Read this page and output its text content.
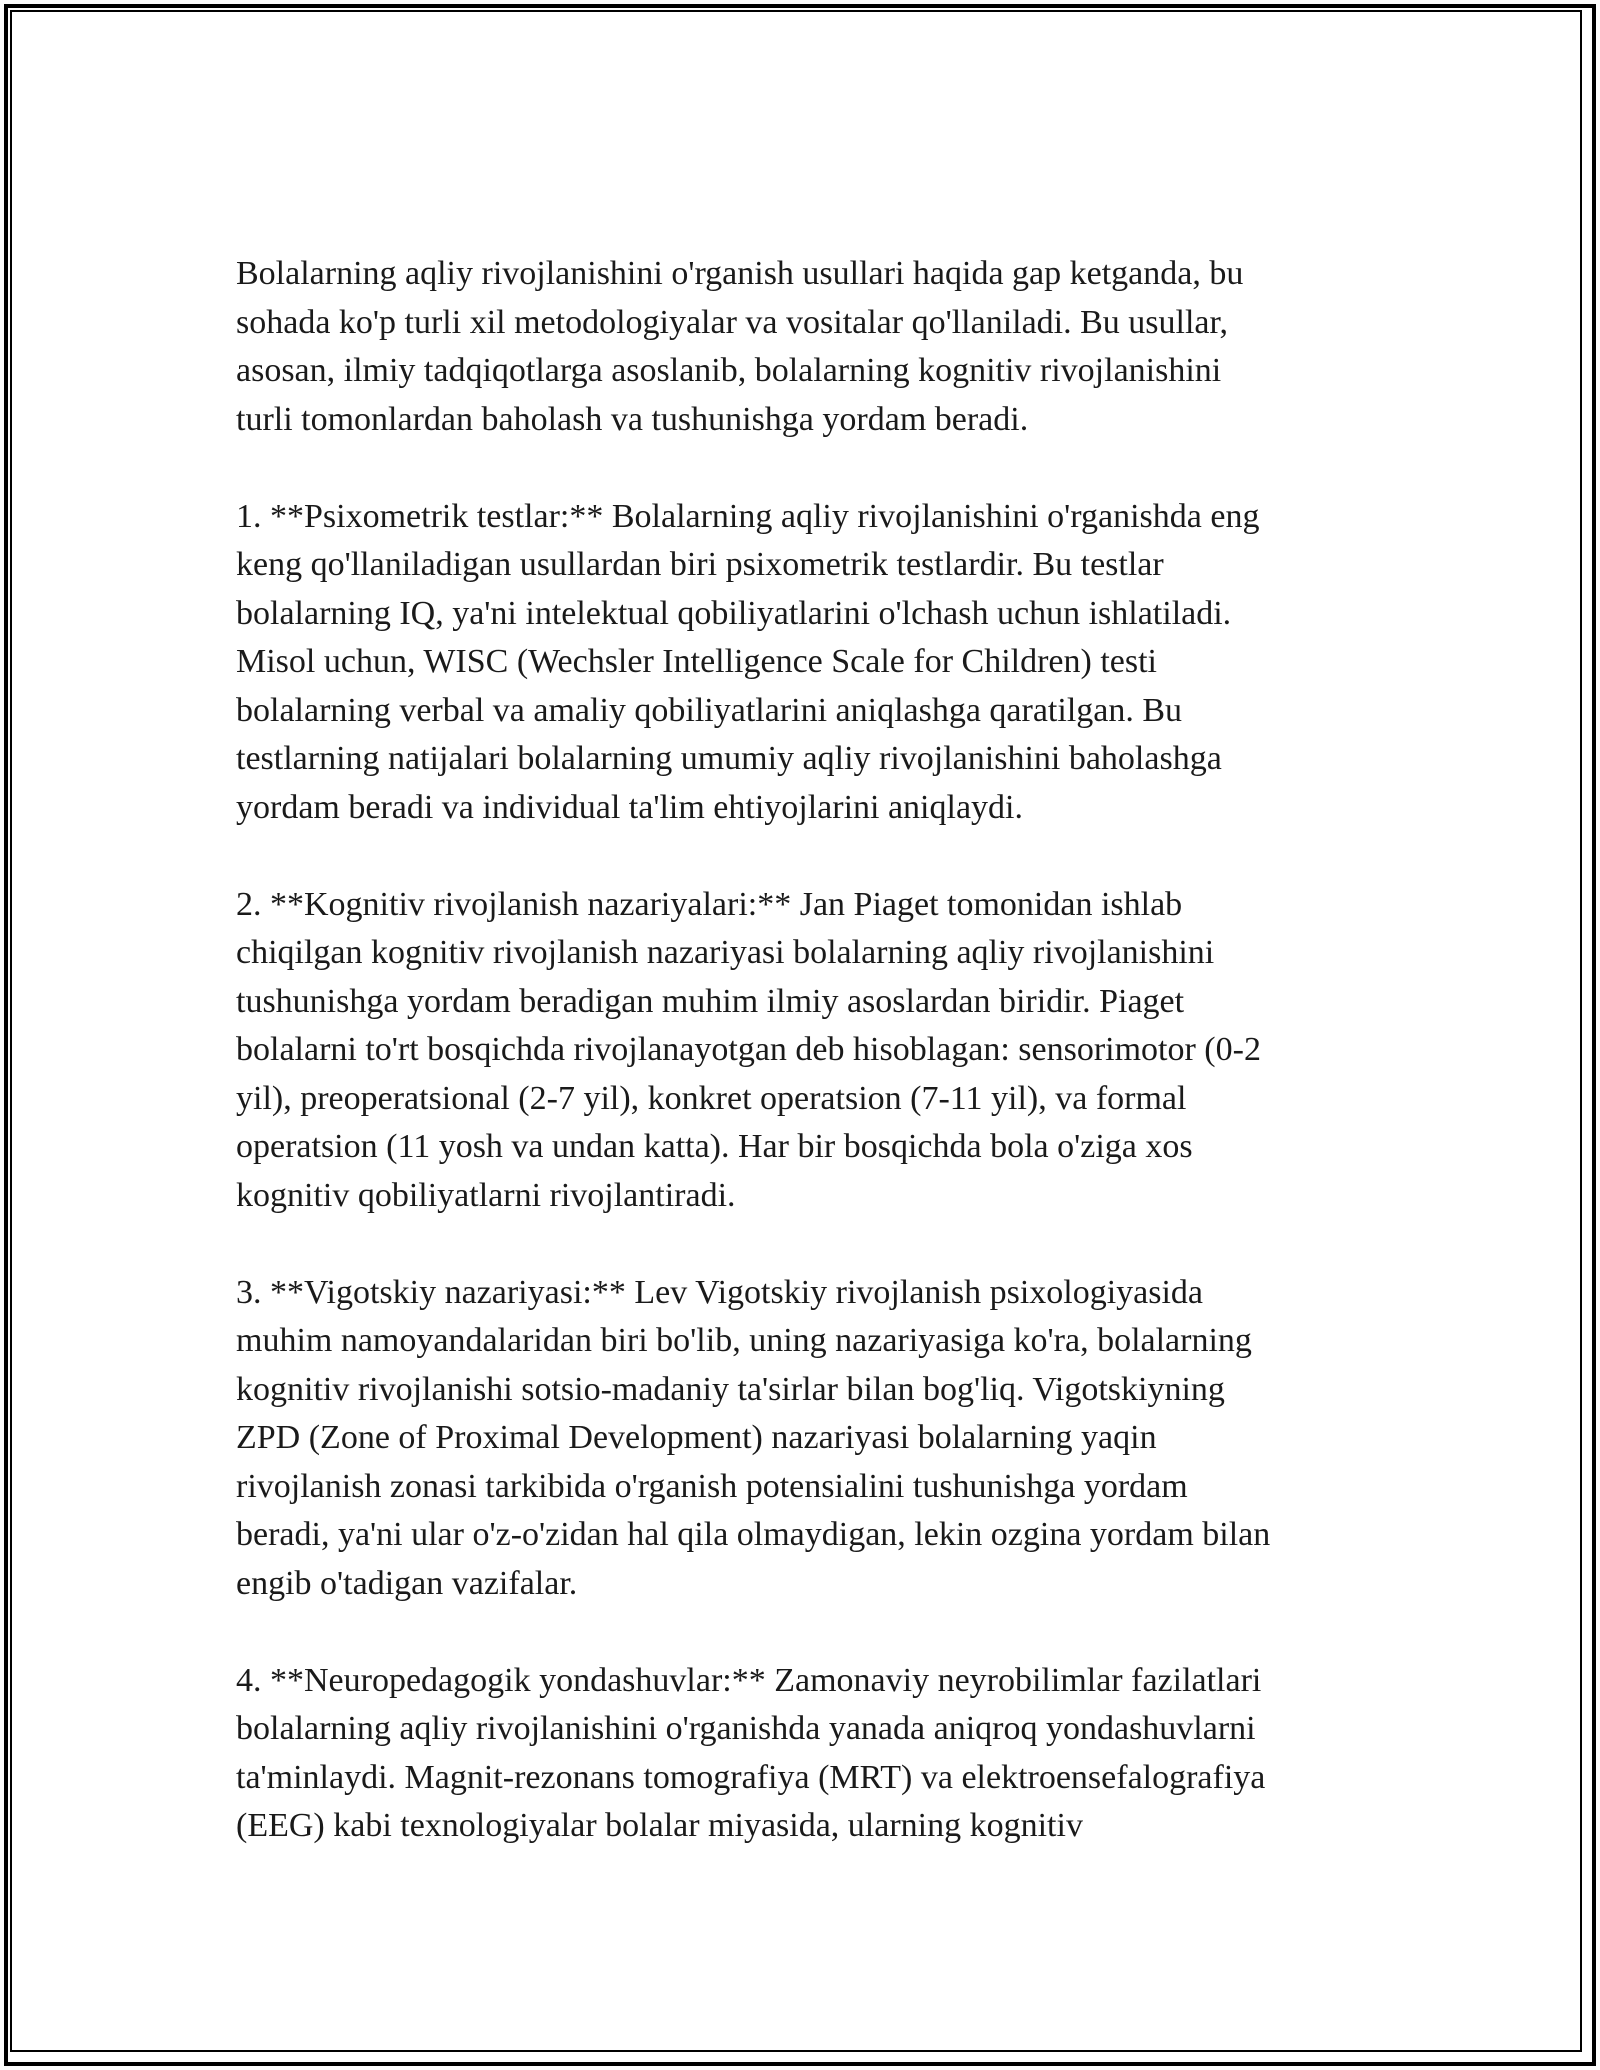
Bolalarning aqliy rivojlanishini o'rganish usullari haqida gap ketganda, bu
sohada ko'p turli xil metodologiyalar va vositalar qo'llaniladi. Bu usullar,
asosan, ilmiy tadqiqotlarga asoslanib, bolalarning kognitiv rivojlanishini
turli tomonlardan baholash va tushunishga yordam beradi.

1. **Psixometrik testlar:** Bolalarning aqliy rivojlanishini o'rganishda eng
keng qo'llaniladigan usullardan biri psixometrik testlardir. Bu testlar
bolalarning IQ, ya'ni intelektual qobiliyatlarini o'lchash uchun ishlatiladi.
Misol uchun, WISC (Wechsler Intelligence Scale for Children) testi
bolalarning verbal va amaliy qobiliyatlarini aniqlashga qaratilgan. Bu
testlarning natijalari bolalarning umumiy aqliy rivojlanishini baholashga
yordam beradi va individual ta'lim ehtiyojlarini aniqlaydi.

2. **Kognitiv rivojlanish nazariyalari:** Jan Piaget tomonidan ishlab
chiqilgan kognitiv rivojlanish nazariyasi bolalarning aqliy rivojlanishini
tushunishga yordam beradigan muhim ilmiy asoslardan biridir. Piaget
bolalarni to'rt bosqichda rivojlanayotgan deb hisoblagan: sensorimotor (0-2
yil), preoperatsional (2-7 yil), konkret operatsion (7-11 yil), va formal
operatsion (11 yosh va undan katta). Har bir bosqichda bola o'ziga xos
kognitiv qobiliyatlarni rivojlantiradi.

3. **Vigotskiy nazariyasi:** Lev Vigotskiy rivojlanish psixologiyasida
muhim namoyandalaridan biri bo'lib, uning nazariyasiga ko'ra, bolalarning
kognitiv rivojlanishi sotsio-madaniy ta'sirlar bilan bog'liq. Vigotskiyning
ZPD (Zone of Proximal Development) nazariyasi bolalarning yaqin
rivojlanish zonasi tarkibida o'rganish potensialini tushunishga yordam
beradi, ya'ni ular o'z-o'zidan hal qila olmaydigan, lekin ozgina yordam bilan
engib o'tadigan vazifalar.

4. **Neuropedagogik yondashuvlar:** Zamonaviy neyrobilimlar fazilatlari
bolalarning aqliy rivojlanishini o'rganishda yanada aniqroq yondashuvlarni
ta'minlaydi. Magnit-rezonans tomografiya (MRT) va elektroensefalografiya
(EEG) kabi texnologiyalar bolalar miyasida, ularning kognitiv
